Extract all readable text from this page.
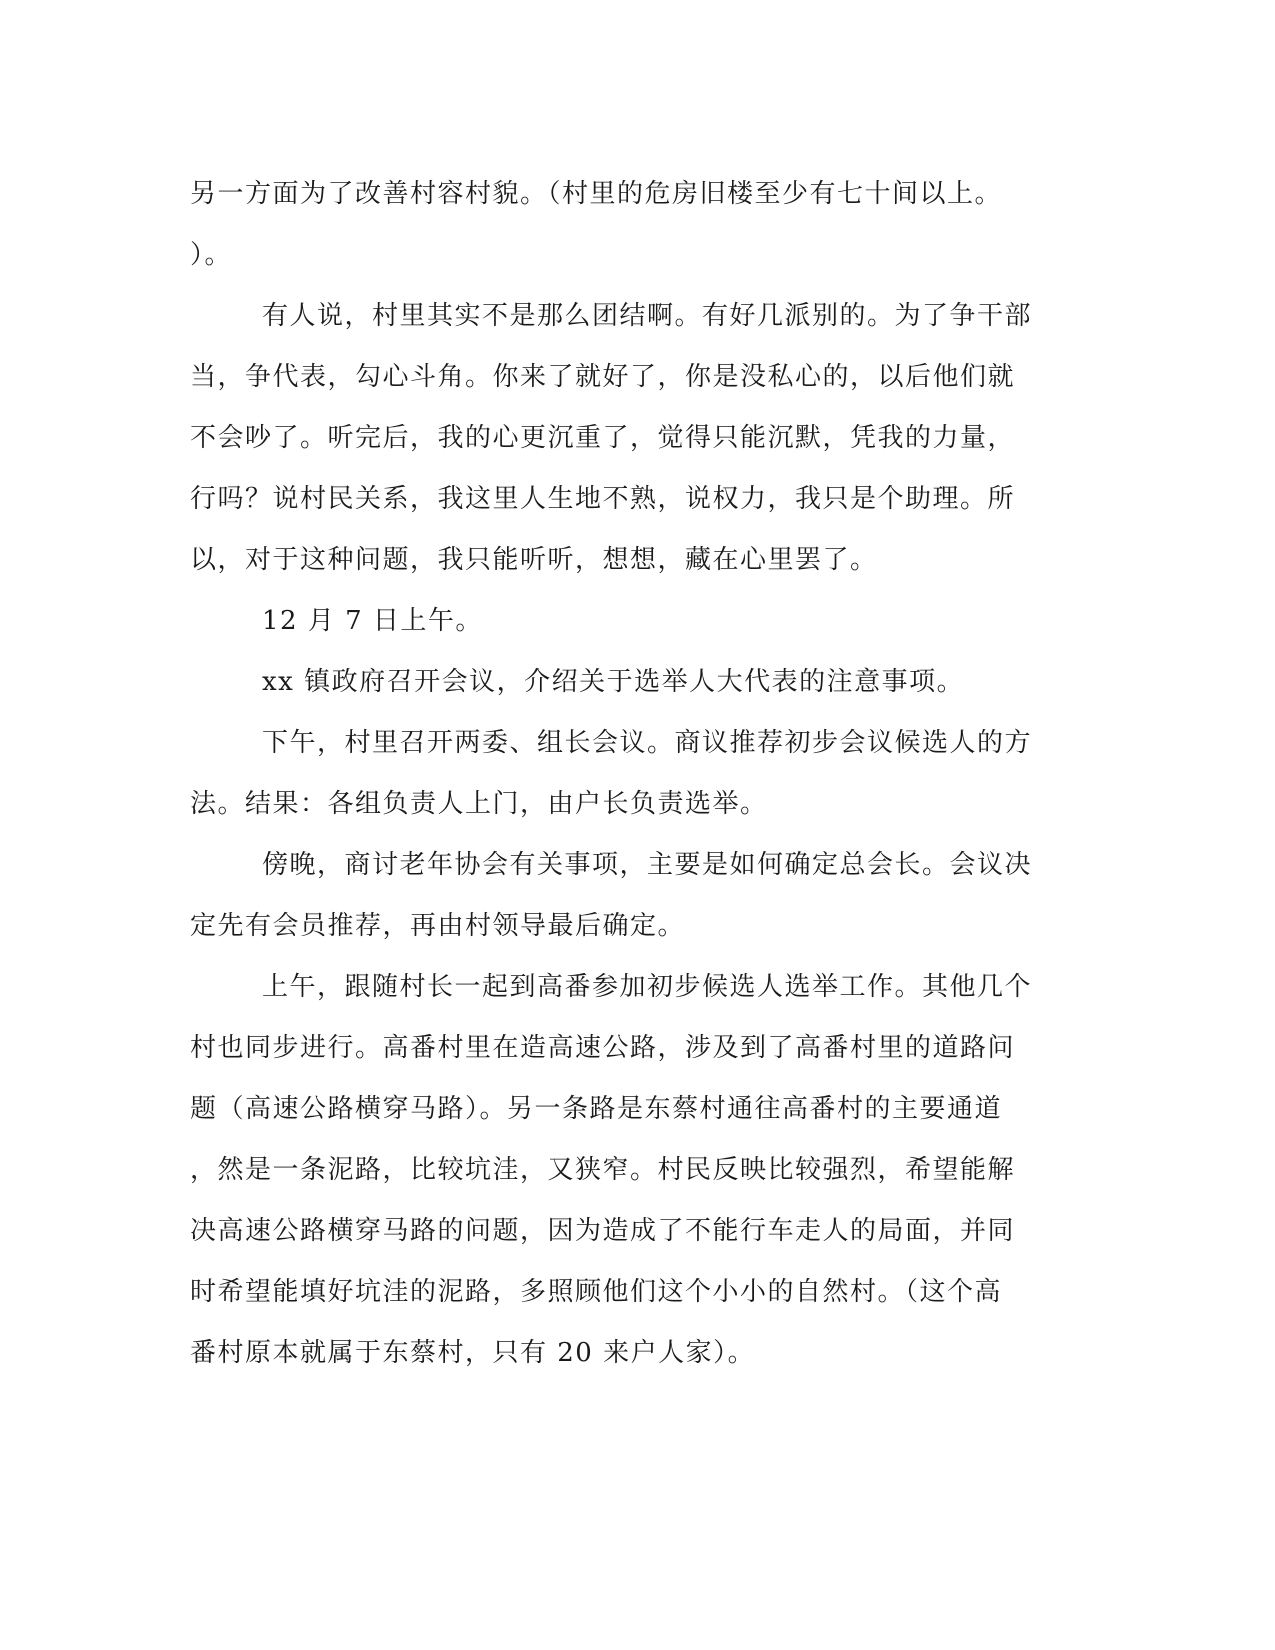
另一方面为了改善村容村貌。（村里的危房旧楼至少有七十间以上。
）。

有人说，村里其实不是那么团结啊。有好几派别的。为了争干部
当，争代表，勾心斗角。你来了就好了，你是没私心的，以后他们就
不会吵了。听完后，我的心更沉重了，觉得只能沉默，凭我的力量，
行吗？说村民关系，我这里人生地不熟，说权力，我只是个助理。所
以，对于这种问题，我只能听听，想想，藏在心里罢了。

12 月 7 日上午。

xx 镇政府召开会议，介绍关于选举人大代表的注意事项。

下午，村里召开两委、组长会议。商议推荐初步会议候选人的方
法。结果：各组负责人上门，由户长负责选举。

傍晚，商讨老年协会有关事项，主要是如何确定总会长。会议决
定先有会员推荐，再由村领导最后确定。

上午，跟随村长一起到高番参加初步候选人选举工作。其他几个
村也同步进行。高番村里在造高速公路，涉及到了高番村里的道路问
题（高速公路横穿马路）。另一条路是东蔡村通往高番村的主要通道
，然是一条泥路，比较坑洼，又狭窄。村民反映比较强烈，希望能解
决高速公路横穿马路的问题，因为造成了不能行车走人的局面，并同
时希望能填好坑洼的泥路，多照顾他们这个小小的自然村。（这个高
番村原本就属于东蔡村，只有 20 来户人家）。
